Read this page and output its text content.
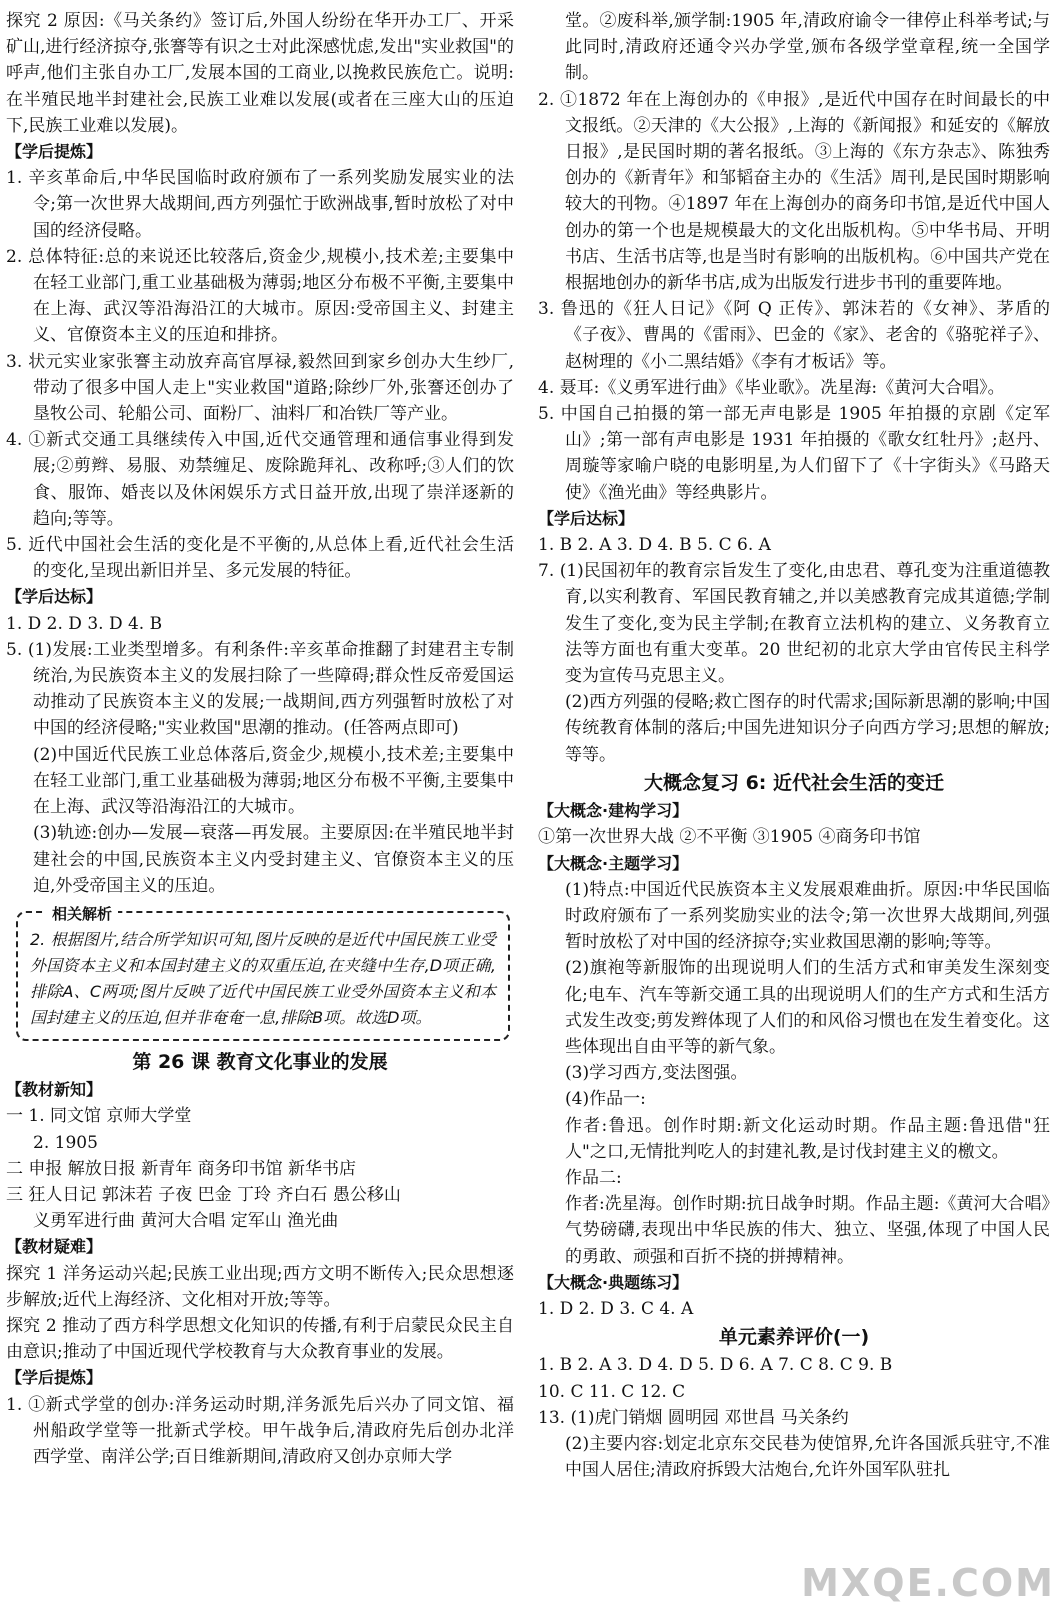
探究 2 原因:《马关条约》签订后,外国人纷纷在华开办工厂、开采矿山,进行经济掠夺,张謇等有识之士对此深感忧虑,发出"实业救国"的呼声,他们主张自办工厂,发展本国的工商业,以挽救民族危亡。说明:在半殖民地半封建社会,民族工业难以发展(或者在三座大山的压迫下,民族工业难以发展)。

【学后提炼】

1. 辛亥革命后,中华民国临时政府颁布了一系列奖励发展实业的法令;第一次世界大战期间,西方列强忙于欧洲战事,暂时放松了对中国的经济侵略。

2. 总体特征:总的来说还比较落后,资金少,规模小,技术差;主要集中在轻工业部门,重工业基础极为薄弱;地区分布极不平衡,主要集中在上海、武汉等沿海沿江的大城市。原因:受帝国主义、封建主义、官僚资本主义的压迫和排挤。

3. 状元实业家张謇主动放弃高官厚禄,毅然回到家乡创办大生纱厂,带动了很多中国人走上"实业救国"道路;除纱厂外,张謇还创办了垦牧公司、轮船公司、面粉厂、油料厂和冶铁厂等产业。

4. ①新式交通工具继续传入中国,近代交通管理和通信事业得到发展;②剪辫、易服、劝禁缠足、废除跪拜礼、改称呼;③人们的饮食、服饰、婚丧以及休闲娱乐方式日益开放,出现了崇洋逐新的趋向;等等。

5. 近代中国社会生活的变化是不平衡的,从总体上看,近代社会生活的变化,呈现出新旧并呈、多元发展的特征。

【学后达标】

1. D 2. D 3. D 4. B

5. (1)发展:工业类型增多。有利条件:辛亥革命推翻了封建君主专制统治,为民族资本主义的发展扫除了一些障碍;群众性反帝爱国运动推动了民族资本主义的发展;一战期间,西方列强暂时放松了对中国的经济侵略;"实业救国"思潮的推动。(任答两点即可)

(2)中国近代民族工业总体落后,资金少,规模小,技术差;主要集中在轻工业部门,重工业基础极为薄弱;地区分布极不平衡,主要集中在上海、武汉等沿海沿江的大城市。

(3)轨迹:创办—发展—衰落—再发展。主要原因:在半殖民地半封建社会的中国,民族资本主义内受封建主义、官僚资本主义的压迫,外受帝国主义的压迫。

相关解析

2. 根据图片,结合所学知识可知,图片反映的是近代中国民族工业受外国资本主义和本国封建主义的双重压迫,在夹缝中生存,D项正确,排除A、C两项;图片反映了近代中国民族工业受外国资本主义和本国封建主义的压迫,但并非奄奄一息,排除B项。故选D项。

第 26 课 教育文化事业的发展

【教材新知】

一 1. 同文馆 京师大学堂

2. 1905

二 申报 解放日报 新青年 商务印书馆 新华书店

三 狂人日记 郭沫若 子夜 巴金 丁玲 齐白石 愚公移山

义勇军进行曲 黄河大合唱 定军山 渔光曲

【教材疑难】

探究 1 洋务运动兴起;民族工业出现;西方文明不断传入;民众思想逐步解放;近代上海经济、文化相对开放;等等。

探究 2 推动了西方科学思想文化知识的传播,有利于启蒙民众民主自由意识;推动了中国近现代学校教育与大众教育事业的发展。

【学后提炼】

1. ①新式学堂的创办:洋务运动时期,洋务派先后兴办了同文馆、福州船政学堂等一批新式学校。甲午战争后,清政府先后创办北洋西学堂、南洋公学;百日维新期间,清政府又创办京师大学

堂。②废科举,颁学制:1905 年,清政府谕令一律停止科举考试;与此同时,清政府还通令兴办学堂,颁布各级学堂章程,统一全国学制。

2. ①1872 年在上海创办的《申报》,是近代中国存在时间最长的中文报纸。②天津的《大公报》,上海的《新闻报》和延安的《解放日报》,是民国时期的著名报纸。③上海的《东方杂志》、陈独秀创办的《新青年》和邹韬奋主办的《生活》周刊,是民国时期影响较大的刊物。④1897 年在上海创办的商务印书馆,是近代中国人创办的第一个也是规模最大的文化出版机构。⑤中华书局、开明书店、生活书店等,也是当时有影响的出版机构。⑥中国共产党在根据地创办的新华书店,成为出版发行进步书刊的重要阵地。

3. 鲁迅的《狂人日记》《阿 Q 正传》、郭沫若的《女神》、茅盾的《子夜》、曹禺的《雷雨》、巴金的《家》、老舍的《骆驼祥子》、赵树理的《小二黑结婚》《李有才板话》等。

4. 聂耳:《义勇军进行曲》《毕业歌》。冼星海:《黄河大合唱》。

5. 中国自己拍摄的第一部无声电影是 1905 年拍摄的京剧《定军山》;第一部有声电影是 1931 年拍摄的《歌女红牡丹》;赵丹、周璇等家喻户晓的电影明星,为人们留下了《十字街头》《马路天使》《渔光曲》等经典影片。

【学后达标】

1. B 2. A 3. D 4. B 5. C 6. A

7. (1)民国初年的教育宗旨发生了变化,由忠君、尊孔变为注重道德教育,以实利教育、军国民教育辅之,并以美感教育完成其道德;学制发生了变化,变为民主学制;在教育立法机构的建立、义务教育立法等方面也有重大变革。20 世纪初的北京大学由官传民主科学变为宣传马克思主义。

(2)西方列强的侵略;救亡图存的时代需求;国际新思潮的影响;中国传统教育体制的落后;中国先进知识分子向西方学习;思想的解放;等等。

大概念复习 6: 近代社会生活的变迁

【大概念·建构学习】

①第一次世界大战 ②不平衡 ③1905 ④商务印书馆

【大概念·主题学习】

(1)特点:中国近代民族资本主义发展艰难曲折。原因:中华民国临时政府颁布了一系列奖励实业的法令;第一次世界大战期间,列强暂时放松了对中国的经济掠夺;实业救国思潮的影响;等等。

(2)旗袍等新服饰的出现说明人们的生活方式和审美发生深刻变化;电车、汽车等新交通工具的出现说明人们的生产方式和生活方式发生改变;剪发辫体现了人们的和风俗习惯也在发生着变化。这些体现出自由平等的新气象。

(3)学习西方,变法图强。

(4)作品一:

作者:鲁迅。创作时期:新文化运动时期。作品主题:鲁迅借"狂人"之口,无情批判吃人的封建礼教,是讨伐封建主义的檄文。

作品二:

作者:冼星海。创作时期:抗日战争时期。作品主题:《黄河大合唱》气势磅礴,表现出中华民族的伟大、独立、坚强,体现了中国人民的勇敢、顽强和百折不挠的拼搏精神。

【大概念·典题练习】

1. D 2. D 3. C 4. A

单元素养评价(一)

1. B 2. A 3. D 4. D 5. D 6. A 7. C 8. C 9. B

10. C 11. C 12. C

13. (1)虎门销烟 圆明园 邓世昌 马关条约

(2)主要内容:划定北京东交民巷为使馆界,允许各国派兵驻守,不准中国人居住;清政府拆毁大沽炮台,允许外国军队驻扎

MXQE.COM
